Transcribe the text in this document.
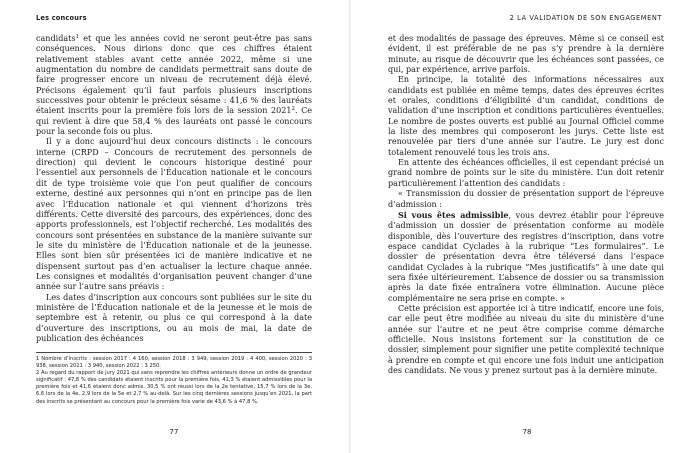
Les concours

candidats$^1$ et que les années covid ne seront peut-être pas sans conséquences. Nous dirions donc que ces chiffres étaient relativement stables avant cette année 2022, même si une augmentation du nombre de candidats permettrait sans doute de faire progresser encore un niveau de recrutement déjà élevé. Précisons également qu’il faut parfois plusieurs inscriptions successives pour obtenir le précieux sésame : 41,6 % des lauréats étaient inscrits pour la première fois lors de la session 2021$^2$. Ce qui revient à dire que 58,4 % des lauréats ont passé le concours pour la seconde fois ou plus.

Il y a donc aujourd’hui deux concours distincts : le concours interne (CRPD – Concours de recrutement des personnels de direction) qui devient le concours historique destiné pour l’essentiel aux personnels de l’Éducation nationale et le concours dit de type troisième voie que l’on peut qualifier de concours externe, destiné aux personnes qui n’ont en principe pas de lien avec l’Éducation nationale et qui viennent d’horizons très différents. Cette diversité des parcours, des expériences, donc des apports professionnels, est l’objectif recherché. Les modalités des concours sont présentées en substance de la manière suivante sur le site du ministère de l’Éducation nationale et de la jeunesse. Elles sont bien sûr présentées ici de manière indicative et ne dispensent surtout pas d’en actualiser la lecture chaque année. Les consignes et modalités d’organisation peuvent changer d’une année sur l’autre sans préavis :

Les dates d’inscription aux concours sont publiées sur le site du ministère de l’Éducation nationale et de la jeunesse et le mois de septembre est à retenir, ou plus ce qui correspond à la date d’ouverture des inscriptions, ou au mois de mai, la date de publication des échéances

1 Nombre d’inscrits : session 2017 : 4 160, session 2018 : 3 949, session 2019 : 4 400, session 2020 : 3 938, session 2021 : 3 940, session 2022 : 3 250.

2 Au regard du rapport de jury 2021 qui sans reprendre les chiffres antérieurs donne un ordre de grandeur significatif : 47,8 % des candidats étaient inscrits pour la première fois, 41,3 % étaient admissibles pour la première fois et 41,6 étaient donc admis. 30,5 % ont réussi lors de la 2e tentative, 15,7 % lors de la 3e, 6,6 lors de la 4e, 2,9 lors de la 5e et 2,7 % au-delà. Sur les cinq dernières sessions jusqu’en 2021, la part des inscrits se présentant au concours pour la première fois varie de 43,6 % à 47,8 %.

77
2 LA VALIDATION DE SON ENGAGEMENT

et des modalités de passage des épreuves. Même si ce conseil est évident, il est préférable de ne pas s’y prendre à la dernière minute, au risque de découvrir que les échéances sont passées, ce qui, par expérience, arrive parfois.

En principe, la totalité des informations nécessaires aux candidats est publiée en même temps, dates des épreuves écrites et orales, conditions d’éligibilité d’un candidat, conditions de validation d’une inscription et conditions particulières éventuelles. Le nombre de postes ouverts est publié au Journal Officiel comme la liste des membres qui composeront les jurys. Cette liste est renouvelée par tiers d’une année sur l’autre. Le jury est donc totalement renouvelé tous les trois ans.

En attente des échéances officielles, il est cependant précisé un grand nombre de points sur le site du ministère. L’un doit retenir particulièrement l’attention des candidats :

« Transmission du dossier de présentation support de l’épreuve d’admission :

Si vous êtes admissible, vous devrez établir pour l’épreuve d’admission un dossier de présentation conforme au modèle disponible, dès l’ouverture des registres d’inscription, dans votre espace candidat Cyclades à la rubrique “Les formulaires”. Le dossier de présentation devra être téléversé dans l’espace candidat Cyclades à la rubrique “Mes justificatifs” à une date qui sera fixée ultérieurement. L’absence de dossier ou sa transmission après la date fixée entraînera votre élimination. Aucune pièce complémentaire ne sera prise en compte. »

Cette précision est apportée ici à titre indicatif, encore une fois, car elle peut être modifiée au niveau du site du ministère d’une année sur l’autre et ne peut être comprise comme démarche officielle. Nous insistons fortement sur la constitution de ce dossier, simplement pour signifier une petite complexité technique à prendre en compte et qui encore une fois induit une anticipation des candidats. Ne vous y prenez surtout pas à la dernière minute.

78
